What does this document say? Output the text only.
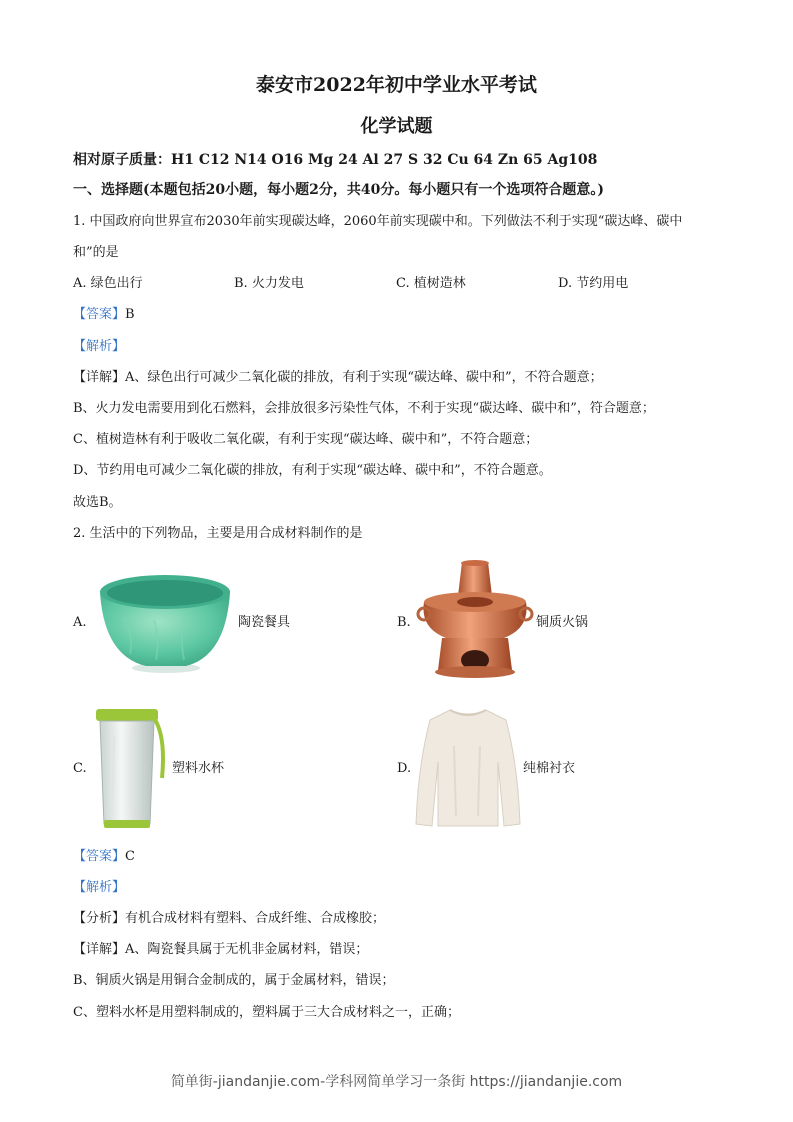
泰安市2022年初中学业水平考试
化学试题
相对原子质量：H1 C12 N14 O16 Mg 24 Al 27 S 32 Cu 64 Zn 65 Ag108
一、选择题(本题包括20小题，每小题2分，共40分。每小题只有一个选项符合题意。)
1. 中国政府向世界宣布2030年前实现碳达峰，2060年前实现碳中和。下列做法不利于实现“碳达峰、碳中
和”的是
A. 绿色出行	B. 火力发电	C. 植树造林	D. 节约用电
【答案】B
【解析】
【详解】A、绿色出行可减少二氧化碳的排放，有利于实现“碳达峰、碳中和”，不符合题意；
B、火力发电需要用到化石燃料，会排放很多污染性气体，不利于实现“碳达峰、碳中和”，符合题意；
C、植树造林有利于吸收二氧化碳，有利于实现“碳达峰、碳中和”，不符合题意；
D、节约用电可减少二氧化碳的排放，有利于实现“碳达峰、碳中和”，不符合题意。
故选B。
2. 生活中的下列物品，主要是用合成材料制作的是
A.	陶瓷餐具	B.	铜质火锅
C.	塑料水杯	D.	纯棉衬衣
【答案】C
【解析】
【分析】有机合成材料有塑料、合成纤维、合成橡胶；
【详解】A、陶瓷餐具属于无机非金属材料，错误；
B、铜质火锅是用铜合金制成的，属于金属材料，错误；
C、塑料水杯是用塑料制成的，塑料属于三大合成材料之一，正确；
简单街-jiandanjie.com-学科网简单学习一条街 https://jiandanjie.com
